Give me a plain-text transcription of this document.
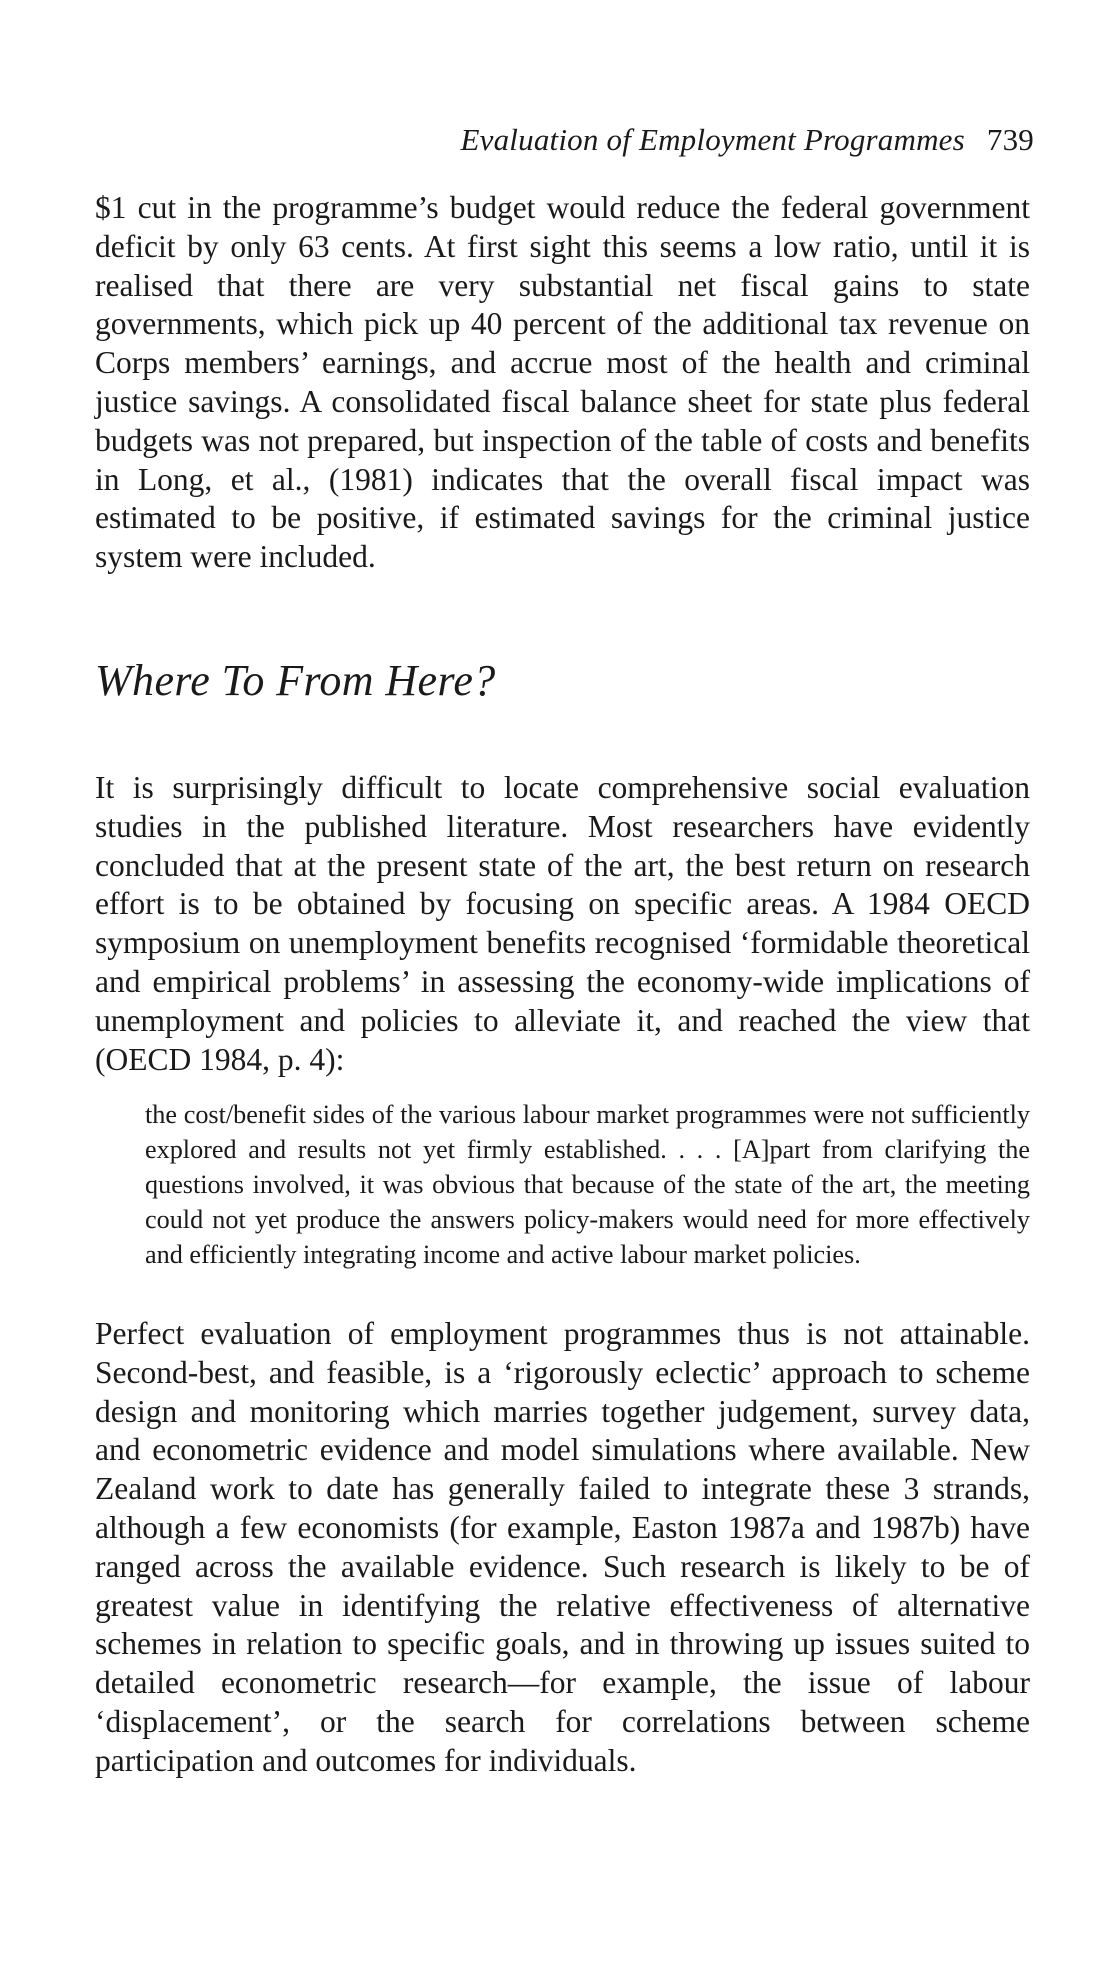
Evaluation of Employment Programmes 739

$1 cut in the programme’s budget would reduce the federal government deficit by only 63 cents. At first sight this seems a low ratio, until it is realised that there are very substantial net fiscal gains to state governments, which pick up 40 percent of the additional tax revenue on Corps members’ earnings, and accrue most of the health and criminal justice savings. A consolidated fiscal balance sheet for state plus federal budgets was not prepared, but inspection of the table of costs and benefits in Long, et al., (1981) indicates that the overall fiscal impact was estimated to be positive, if estimated savings for the criminal justice system were included.

Where To From Here?

It is surprisingly difficult to locate comprehensive social evaluation studies in the published literature. Most researchers have evidently concluded that at the present state of the art, the best return on research effort is to be obtained by focusing on specific areas. A 1984 OECD symposium on unemployment benefits recognised ‘formidable theoretical and empirical problems’ in assessing the economy-wide implications of unemployment and policies to alleviate it, and reached the view that (OECD 1984, p. 4):

the cost/benefit sides of the various labour market programmes were not sufficiently explored and results not yet firmly established. . . . [A]part from clarifying the questions involved, it was obvious that because of the state of the art, the meeting could not yet produce the answers policy-makers would need for more effectively and efficiently integrating income and active labour market policies.

Perfect evaluation of employment programmes thus is not attainable. Second-best, and feasible, is a ‘rigorously eclectic’ approach to scheme design and monitoring which marries together judgement, survey data, and econometric evidence and model simulations where available. New Zealand work to date has generally failed to integrate these 3 strands, although a few economists (for example, Easton 1987a and 1987b) have ranged across the available evidence. Such research is likely to be of greatest value in identifying the relative effectiveness of alternative schemes in relation to specific goals, and in throwing up issues suited to detailed econometric research—for example, the issue of labour ‘displacement’, or the search for correlations between scheme participation and outcomes for individuals.
